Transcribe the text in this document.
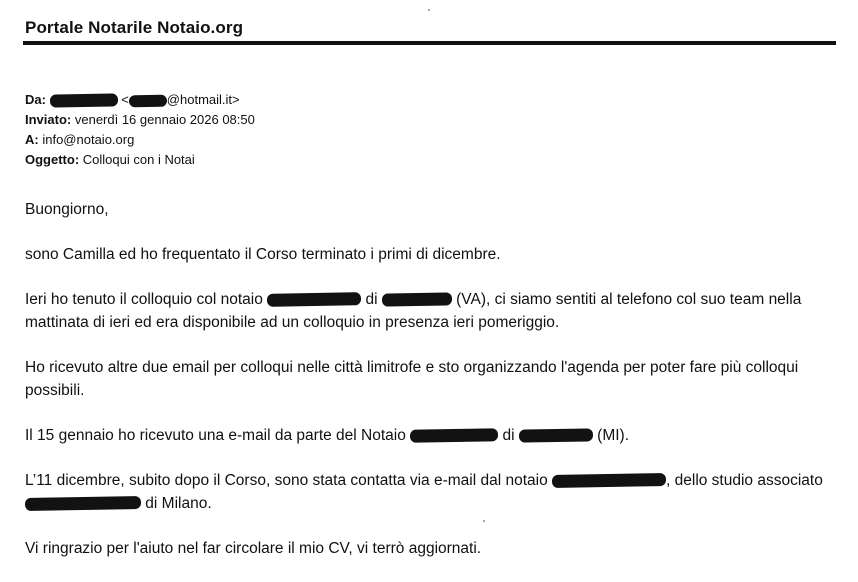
Portale Notarile Notaio.org
Da:	<	@hotmail.it>
Inviato: venerdì 16 gennaio 2026 08:50
A: info@notaio.org
Oggetto: Colloqui con i Notai

Buongiorno,

sono Camilla ed ho frequentato il Corso terminato i primi di dicembre.

Ieri ho tenuto il colloquio col notaio	di	(VA), ci siamo sentiti al telefono col suo team nella mattinata di ieri ed era disponibile ad un colloquio in presenza ieri pomeriggio.

Ho ricevuto altre due email per colloqui nelle città limitrofe e sto organizzando l'agenda per poter fare più colloqui possibili.

Il 15 gennaio ho ricevuto una e-mail da parte del Notaio	di	(MI).

L’11 dicembre, subito dopo il Corso, sono stata contatta via e-mail dal notaio	, dello studio associato  di Milano.

Vi ringrazio per l'aiuto nel far circolare il mio CV, vi terrò aggiornati.
